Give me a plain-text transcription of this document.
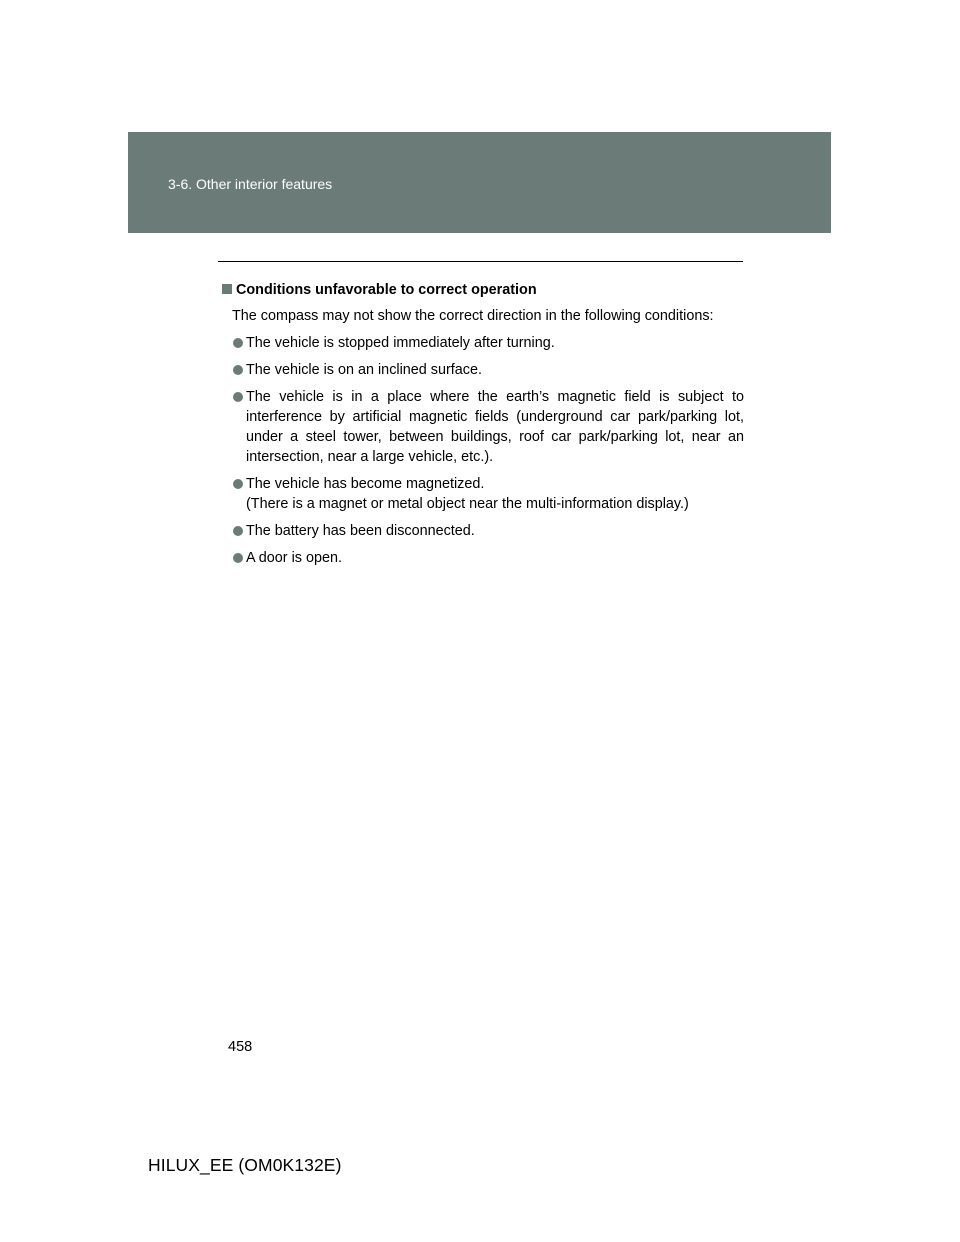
3-6. Other interior features
Conditions unfavorable to correct operation

The compass may not show the correct direction in the following conditions:

The vehicle is stopped immediately after turning.
The vehicle is on an inclined surface.
The vehicle is in a place where the earth’s magnetic field is subject to interference by artificial magnetic fields (underground car park/parking lot, under a steel tower, between buildings, roof car park/parking lot, near an intersection, near a large vehicle, etc.).
The vehicle has become magnetized.
(There is a magnet or metal object near the multi-information display.)
The battery has been disconnected.
A door is open.
458
HILUX_EE (OM0K132E)
